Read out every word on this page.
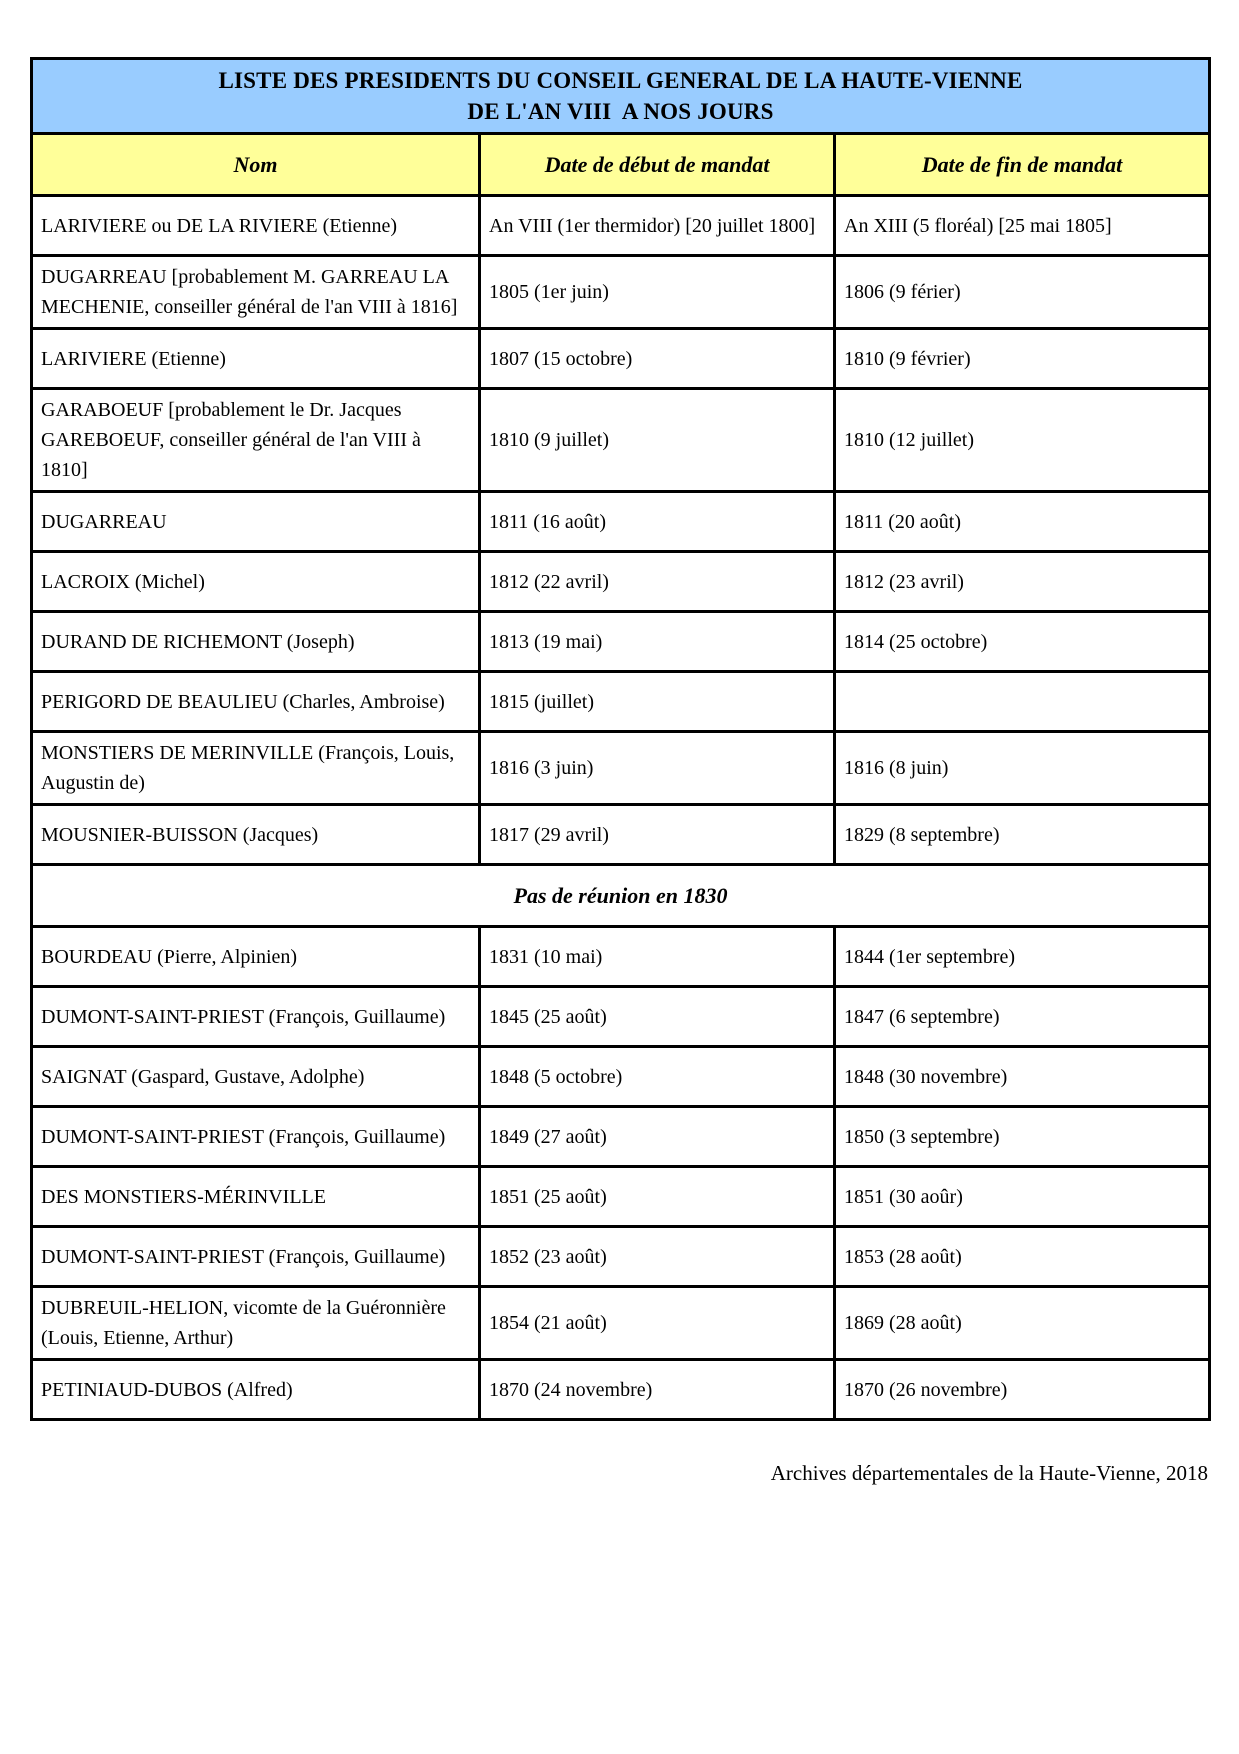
LISTE DES PRESIDENTS DU CONSEIL GENERAL DE LA HAUTE-VIENNE
DE L'AN VIII  A NOS JOURS		

Nom	Date de début de mandat	Date de fin de mandat
LARIVIERE ou DE LA RIVIERE (Etienne)	An VIII (1er thermidor) [20 juillet 1800]	An XIII (5 floréal) [25 mai 1805]
DUGARREAU [probablement M. GARREAU LA MECHENIE, conseiller général de l'an VIII à 1816]	1805 (1er juin)	1806 (9 férier)
LARIVIERE (Etienne)	1807 (15 octobre)	1810 (9 février)
GARABOEUF [probablement le Dr. Jacques GAREBOEUF, conseiller général de l'an VIII à 1810]	1810 (9 juillet)	1810 (12 juillet)
DUGARREAU	1811 (16 août)	1811 (20 août)
LACROIX (Michel)	1812 (22 avril)	1812 (23 avril)
DURAND DE RICHEMONT (Joseph)	1813 (19 mai)	1814 (25 octobre)
PERIGORD DE BEAULIEU (Charles, Ambroise)	1815 (juillet)	
MONSTIERS DE MERINVILLE (François, Louis, Augustin de)	1816 (3 juin)	1816 (8 juin)
MOUSNIER-BUISSON (Jacques)	1817 (29 avril)	1829 (8 septembre)
Pas de réunion en 1830		
BOURDEAU (Pierre, Alpinien)	1831 (10 mai)	1844 (1er septembre)
DUMONT-SAINT-PRIEST (François, Guillaume)	1845 (25 août)	1847 (6 septembre)
SAIGNAT (Gaspard, Gustave, Adolphe)	1848 (5 octobre)	1848 (30 novembre)
DUMONT-SAINT-PRIEST (François, Guillaume)	1849 (27 août)	1850 (3 septembre)
DES MONSTIERS-MÉRINVILLE	1851 (25 août)	1851 (30 aoûr)
DUMONT-SAINT-PRIEST (François, Guillaume)	1852 (23 août)	1853 (28 août)
DUBREUIL-HELION, vicomte de la Guéronnière (Louis, Etienne, Arthur)	1854 (21 août)	1869 (28 août)
PETINIAUD-DUBOS (Alfred)	1870 (24 novembre)	1870 (26 novembre)
Archives départementales de la Haute-Vienne, 2018
